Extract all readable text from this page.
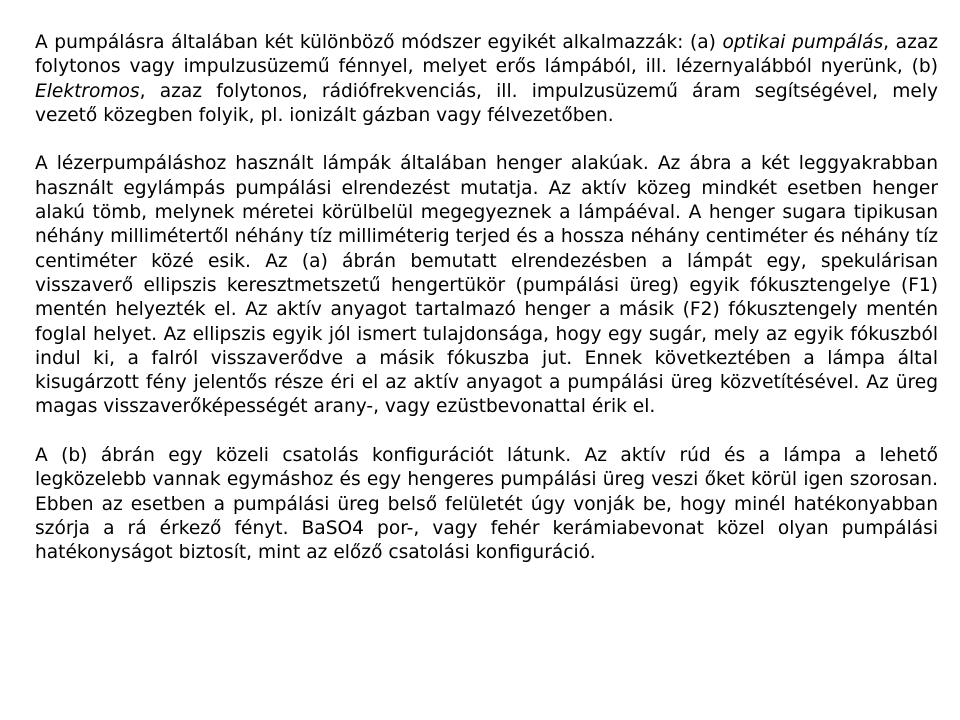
A pumpálásra általában két különböző módszer egyikét alkalmazzák: (a) optikai pumpálás, azaz folytonos vagy impulzusüzemű fénnyel, melyet erős lámpából, ill. lézernyalábból nyerünk, (b) Elektromos, azaz folytonos, rádiófrekvenciás, ill. impulzusüzemű áram segítségével, mely vezető közegben folyik, pl. ionizált gázban vagy félvezetőben.

A lézerpumpáláshoz használt lámpák általában henger alakúak. Az ábra a két leggyakrabban használt egylámpás pumpálási elrendezést mutatja. Az aktív közeg mindkét esetben henger alakú tömb, melynek méretei körülbelül megegyeznek a lámpáéval. A henger sugara tipikusan néhány millimétertől néhány tíz milliméterig terjed és a hossza néhány centiméter és néhány tíz centiméter közé esik. Az (a) ábrán bemutatt elrendezésben a lámpát egy, spekulárisan visszaverő ellipszis keresztmetszetű hengertükör (pumpálási üreg) egyik fókusztengelye (F1) mentén helyezték el. Az aktív anyagot tartalmazó henger a másik (F2) fókusztengely mentén foglal helyet. Az ellipszis egyik jól ismert tulajdonsága, hogy egy sugár, mely az egyik fókuszból indul ki, a falról visszaverődve a másik fókuszba jut. Ennek következtében a lámpa által kisugárzott fény jelentős része éri el az aktív anyagot a pumpálási üreg közvetítésével. Az üreg magas visszaverőképességét arany-, vagy ezüstbevonattal érik el.

A (b) ábrán egy közeli csatolás konfigurációt látunk. Az aktív rúd és a lámpa a lehető legközelebb vannak egymáshoz és egy hengeres pumpálási üreg veszi őket körül igen szorosan. Ebben az esetben a pumpálási üreg belső felületét úgy vonják be, hogy minél hatékonyabban szórja a rá érkező fényt. BaSO4 por-, vagy fehér kerámiabevonat közel olyan pumpálási hatékonyságot biztosít, mint az előző csatolási konfiguráció.
